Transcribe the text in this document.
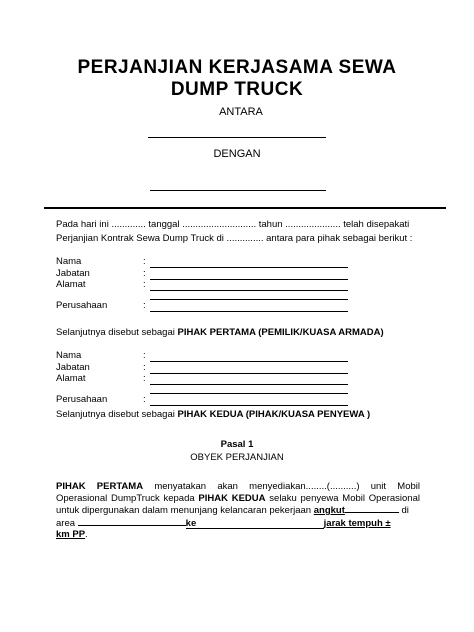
PERJANJIAN KERJASAMA SEWA
DUMP TRUCK
ANTARA
DENGAN
Pada hari ini ............. tanggal ............................ tahun ..................... telah disepakati
Perjanjian Kontrak Sewa Dump Truck di .............. antara para pihak sebagai berikut :
Nama	:
Jabatan	:
Alamat	:
Perusahaan	:
Selanjutnya disebut sebagai PIHAK PERTAMA (PEMILIK/KUASA ARMADA)
Nama	:
Jabatan	:
Alamat	:
Perusahaan	:
Selanjutnya disebut sebagai PIHAK KEDUA (PIHAK/KUASA PENYEWA )
Pasal 1
OBYEK PERJANJIAN
PIHAK PERTAMA menyatakan akan menyediakan........(..........) unit Mobil
Operasional DumpTruck kepada PIHAK KEDUA selaku penyewa Mobil Operasional
untuk dipergunakan dalam menunjang kelancaran pekerjaan angkut	di
area	ke	jarak tempuh ±
km PP.
